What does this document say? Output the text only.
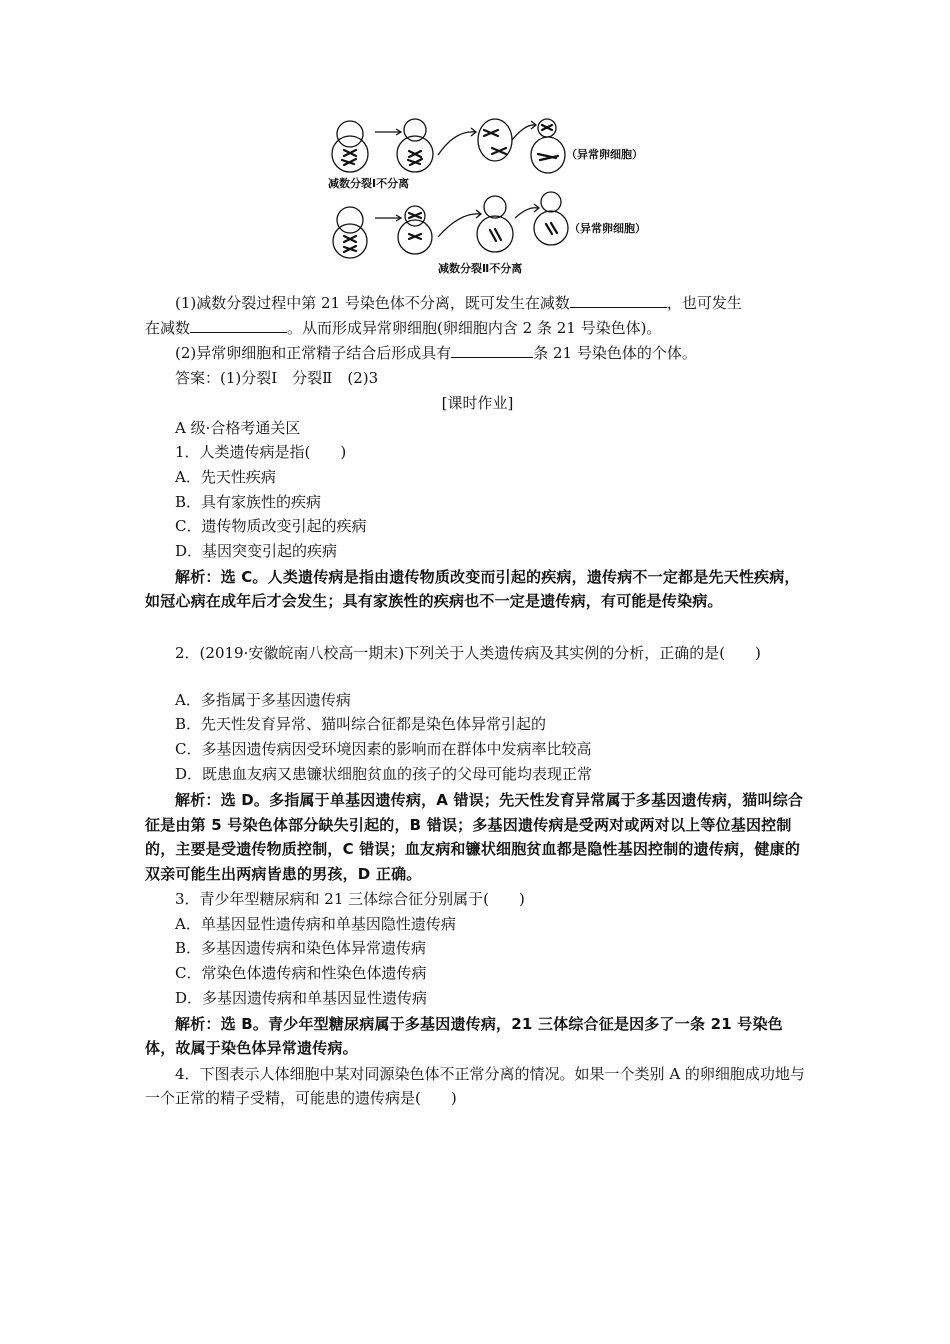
减数分裂Ⅰ不分离
（异常卵细胞）
（异常卵细胞）
减数分裂Ⅱ不分离
(1)减数分裂过程中第 21 号染色体不分离，既可发生在减数	，也可发生
在减数	。从而形成异常卵细胞(卵细胞内含 2 条 21 号染色体)。
(2)异常卵细胞和正常精子结合后形成具有	条 21 号染色体的个体。
答案：(1)分裂Ⅰ　分裂Ⅱ　(2)3
[课时作业]
A 级·合格考通关区
1．人类遗传病是指(　　)
A．先天性疾病
B．具有家族性的疾病
C．遗传物质改变引起的疾病
D．基因突变引起的疾病
解析：选 C。人类遗传病是指由遗传物质改变而引起的疾病，遗传病不一定都是先天性疾病，如冠心病在成年后才会发生；具有家族性的疾病也不一定是遗传病，有可能是传染病。
2．(2019·安徽皖南八校高一期末)下列关于人类遗传病及其实例的分析，正确的是(　　)
A．多指属于多基因遗传病
B．先天性发育异常、猫叫综合征都是染色体异常引起的
C．多基因遗传病因受环境因素的影响而在群体中发病率比较高
D．既患血友病又患镰状细胞贫血的孩子的父母可能均表现正常
解析：选 D。多指属于单基因遗传病，A 错误；先天性发育异常属于多基因遗传病，猫叫综合征是由第 5 号染色体部分缺失引起的，B 错误；多基因遗传病是受两对或两对以上等位基因控制的，主要是受遗传物质控制，C 错误；血友病和镰状细胞贫血都是隐性基因控制的遗传病，健康的双亲可能生出两病皆患的男孩，D 正确。
3．青少年型糖尿病和 21 三体综合征分别属于(　　)
A．单基因显性遗传病和单基因隐性遗传病
B．多基因遗传病和染色体异常遗传病
C．常染色体遗传病和性染色体遗传病
D．多基因遗传病和单基因显性遗传病
解析：选 B。青少年型糖尿病属于多基因遗传病，21 三体综合征是因多了一条 21 号染色体，故属于染色体异常遗传病。
4．下图表示人体细胞中某对同源染色体不正常分离的情况。如果一个类别 A 的卵细胞成功地与一个正常的精子受精，可能患的遗传病是(　　)
